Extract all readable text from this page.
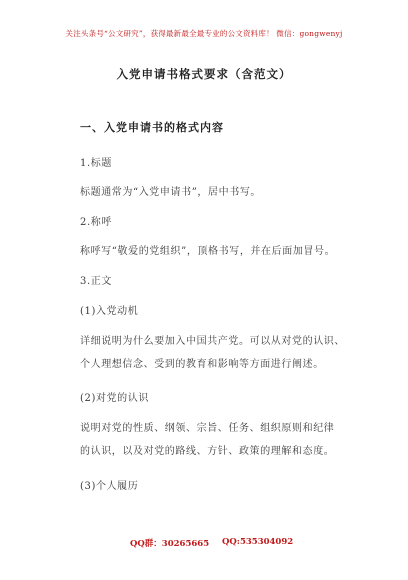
关注头条号“公文研究”，获得最新最全最专业的公文资料库！ 微信：gongwenyj
入党申请书格式要求（含范文）
一、入党申请书的格式内容
1.标题
标题通常为“入党申请书”，居中书写。
2.称呼
称呼写“敬爱的党组织”，顶格书写，并在后面加冒号。
3.正文
(1)入党动机
详细说明为什么要加入中国共产党。可以从对党的认识、
个人理想信念、受到的教育和影响等方面进行阐述。
(2)对党的认识
说明对党的性质、纲领、宗旨、任务、组织原则和纪律
的认识，以及对党的路线、方针、政策的理解和态度。
(3)个人履历
QQ群：30265665 QQ:535304092
